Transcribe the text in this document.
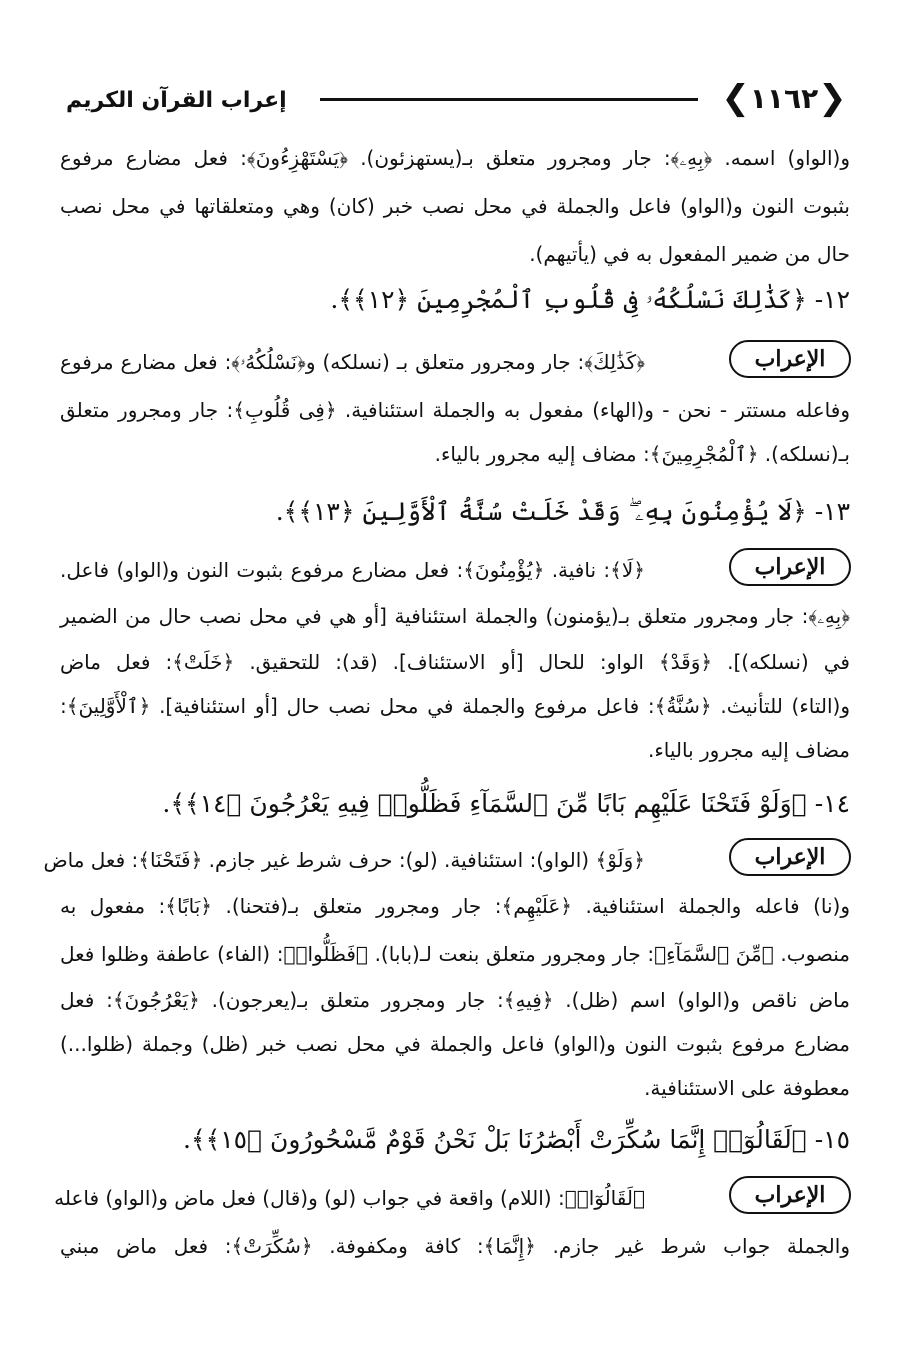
إعراب القرآن الكريم	❮ ١١٦٢ ❯
و(الواو) اسمه. ﴿بِهِۦ﴾: جار ومجرور متعلق بـ(يستهزئون). ﴿يَسْتَهْزِءُونَ﴾: فعل مضارع مرفوع
بثبوت النون و(الواو) فاعل والجملة في محل نصب خبر (كان) وهي ومتعلقاتها في محل نصب
حال من ضمير المفعول به في (يأتيهم).
١٢- ﴿كَذَٰلِكَ نَسْلُكُهُۥ فِى قُلُوبِ ٱلْمُجْرِمِينَ ﴿١٢﴾﴾.
الإعراب
﴿كَذَٰلِكَ﴾: جار ومجرور متعلق بـ (نسلكه) و﴿نَسْلُكُهُۥ﴾: فعل مضارع مرفوع
وفاعله مستتر - نحن - و(الهاء) مفعول به والجملة استئنافية. ﴿فِى قُلُوبِ﴾: جار ومجرور متعلق
بـ(نسلكه). ﴿ٱلْمُجْرِمِينَ﴾: مضاف إليه مجرور بالياء.
١٣- ﴿لَا يُؤْمِنُونَ بِهِۦ ۖ وَقَدْ خَلَتْ سُنَّةُ ٱلْأَوَّلِينَ ﴿١٣﴾﴾.
الإعراب
﴿لَا﴾: نافية. ﴿يُؤْمِنُونَ﴾: فعل مضارع مرفوع بثبوت النون و(الواو) فاعل.
﴿بِهِۦ﴾: جار ومجرور متعلق بـ(يؤمنون) والجملة استئنافية [أو هي في محل نصب حال من الضمير
في (نسلكه)]. ﴿وَقَدْ﴾ الواو: للحال [أو الاستئناف]. (قد): للتحقيق. ﴿خَلَتْ﴾: فعل ماض
و(التاء) للتأنيث. ﴿سُنَّةُ﴾: فاعل مرفوع والجملة في محل نصب حال [أو استئنافية]. ﴿ٱلْأَوَّلِينَ﴾:
مضاف إليه مجرور بالياء.
١٤- ﴿وَلَوْ فَتَحْنَا عَلَيْهِم بَابًا مِّنَ ٱلسَّمَآءِ فَظَلُّوا۟ فِيهِ يَعْرُجُونَ ﴿١٤﴾﴾.
الإعراب
﴿وَلَوْ﴾ (الواو): استئنافية. (لو): حرف شرط غير جازم. ﴿فَتَحْنَا﴾: فعل ماض
و(نا) فاعله والجملة استئنافية. ﴿عَلَيْهِم﴾: جار ومجرور متعلق بـ(فتحنا). ﴿بَابًا﴾: مفعول به
منصوب. ﴿مِّنَ ٱلسَّمَآءِ﴾: جار ومجرور متعلق بنعت لـ(بابا). ﴿فَظَلُّوا۟﴾: (الفاء) عاطفة وظلوا فعل
ماض ناقص و(الواو) اسم (ظل). ﴿فِيهِ﴾: جار ومجرور متعلق بـ(يعرجون). ﴿يَعْرُجُونَ﴾: فعل
مضارع مرفوع بثبوت النون و(الواو) فاعل والجملة في محل نصب خبر (ظل) وجملة (ظلوا...)
معطوفة على الاستئنافية.
١٥- ﴿لَقَالُوٓا۟ إِنَّمَا سُكِّرَتْ أَبْصَٰرُنَا بَلْ نَحْنُ قَوْمٌ مَّسْحُورُونَ ﴿١٥﴾﴾.
الإعراب
﴿لَقَالُوٓا۟﴾: (اللام) واقعة في جواب (لو) و(قال) فعل ماض و(الواو) فاعله
والجملة جواب شرط غير جازم. ﴿إِنَّمَا﴾: كافة ومكفوفة. ﴿سُكِّرَتْ﴾: فعل ماض مبني
